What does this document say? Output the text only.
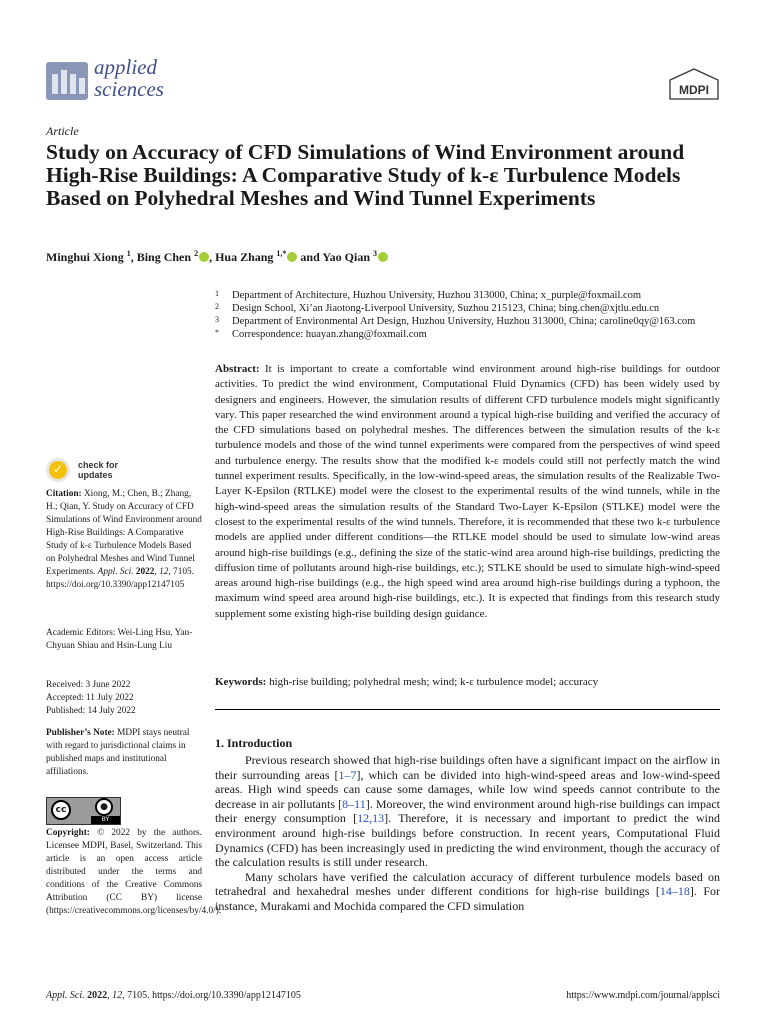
applied
sciences	MDPI
Article
Study on Accuracy of CFD Simulations of Wind Environment around High-Rise Buildings: A Comparative Study of k-ε Turbulence Models Based on Polyhedral Meshes and Wind Tunnel Experiments
Minghui Xiong $^1$, Bing Chen $^2$ , Hua Zhang $^{1,*}$ and Yao Qian $^3$
1 Department of Architecture, Huzhou University, Huzhou 313000, China; x_purple@foxmail.com
2 Design School, Xi’an Jiaotong-Liverpool University, Suzhou 215123, China; bing.chen@xjtlu.edu.cn
3 Department of Environmental Art Design, Huzhou University, Huzhou 313000, China; caroline0qy@163.com
* Correspondence: huayan.zhang@foxmail.com
Abstract: It is important to create a comfortable wind environment around high-rise buildings for outdoor activities. To predict the wind environment, Computational Fluid Dynamics (CFD) has been widely used by designers and engineers. However, the simulation results of different CFD turbulence models might significantly vary. This paper researched the wind environment around a typical high-rise building and verified the accuracy of the CFD simulations based on polyhedral meshes. The differences between the simulation results of the k-ε turbulence models and those of the wind tunnel experiments were compared from the perspectives of wind speed and turbulence energy. The results show that the modified k-ε models could still not perfectly match the wind tunnel experiment results. Specifically, in the low-wind-speed areas, the simulation results of the Realizable Two-Layer K-Epsilon (RTLKE) model were the closest to the experimental results of the wind tunnels, while in the high-wind-speed areas the simulation results of the Standard Two-Layer K-Epsilon (STLKE) model were the closest to the experimental results of the wind tunnels. Therefore, it is recommended that these two k-ε turbulence models are applied under different conditions—the RTLKE model should be used to simulate low-wind areas around high-rise buildings (e.g., defining the size of the static-wind area around high-rise buildings, predicting the diffusion time of pollutants around high-rise buildings, etc.); STLKE should be used to simulate high-wind-speed areas around high-rise buildings (e.g., the high speed wind area around high-rise buildings during a typhoon, the maximum wind speed area around high-rise buildings, etc.). It is expected that findings from this research study supplement some existing high-rise building design guidance.
Keywords: high-rise building; polyhedral mesh; wind; k-ε turbulence model; accuracy
✓ check for
updates
Citation: Xiong, M.; Chen, B.; Zhang, H.; Qian, Y. Study on Accuracy of CFD Simulations of Wind Environment around High-Rise Buildings: A Comparative Study of k-ε Turbulence Models Based on Polyhedral Meshes and Wind Tunnel Experiments. Appl. Sci. 2022, 12, 7105. https://doi.org/10.3390/app12147105
Academic Editors: Wei-Ling Hsu, Yan-Chyuan Shiau and Hsin-Lung Liu
Received: 3 June 2022
Accepted: 11 July 2022
Published: 14 July 2022
Publisher’s Note: MDPI stays neutral with regard to jurisdictional claims in published maps and institutional affiliations.
cc	●
BY
Copyright: © 2022 by the authors. Licensee MDPI, Basel, Switzerland. This article is an open access article distributed under the terms and conditions of the Creative Commons Attribution (CC BY) license (https://creativecommons.org/licenses/by/4.0/).
1. Introduction

Previous research showed that high-rise buildings often have a significant impact on the airflow in their surrounding areas [1–7], which can be divided into high-wind-speed areas and low-wind-speed areas. High wind speeds can cause some damages, while low wind speeds cannot contribute to the decrease in air pollutants [8–11]. Moreover, the wind environment around high-rise buildings can impact their energy consumption [12,13]. Therefore, it is necessary and important to predict the wind environment around high-rise buildings before construction. In recent years, Computational Fluid Dynamics (CFD) has been increasingly used in predicting the wind environment, though the accuracy of the calculation results is still under research.

Many scholars have verified the calculation accuracy of different turbulence models based on tetrahedral and hexahedral meshes under different conditions for high-rise buildings [14–18]. For instance, Murakami and Mochida compared the CFD simulation

Appl. Sci. 2022, 12, 7105. https://doi.org/10.3390/app12147105	https://www.mdpi.com/journal/applsci
